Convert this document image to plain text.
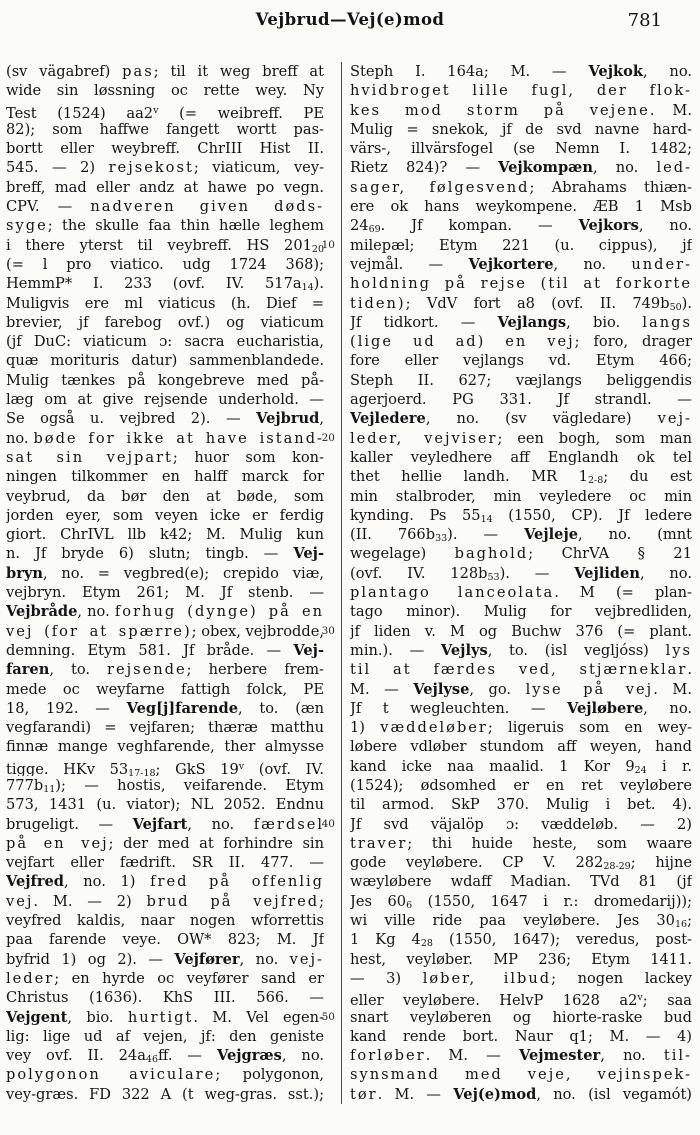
Vejbrud—Vej(e)mod	781
(sv vägabref) pas; til it weg breff at
wide sin løssning oc rette wey. Ny
Test (1524) aa2$^v$ (= weibreff. PE
82); som haffwe fangett wortt pas-
bortt eller weybreff. ChrIII Hist II.
545. — 2) rejsekost; viaticum, vey-
breff, mad eller andz at hawe po vegn.
CPV. — nadveren given døds-
syge; the skulle faa thin hælle leghem
i there yterst til veybreff. HS $201_{20}$
(= l pro viatico. udg 1724 368);
HemmP* I. 233 (ovf. IV. $517a_{14}$).
Muligvis ere ml viaticus (h. Dief =
brevier, jf farebog ovf.) og viaticum
(jf DuC: viaticum ɔ: sacra eucharistia,
quæ morituris datur) sammenblandede.
Mulig tænkes på kongebreve med på-
læg om at give rejsende underhold. —
Se også u. vejbred 2). — Vejbrud,
no. bøde for ikke at have istand-
sat sin vejpart; huor som kon-
ningen tilkommer en halff marck for
veybrud, da bør den at bøde, som
jorden eyer, som veyen icke er ferdig
giort. ChrIVL llb k42; M. Mulig kun
n. Jf bryde 6) slutn; tingb. — Vej-
bryn, no. = vegbred(e); crepido viæ,
vejbryn. Etym 261; M. Jf stenb. —
Vejbråde, no. forhug (dynge) på en
vej (for at spærre); obex, vejbrodde,
demning. Etym 581. Jf bråde. — Vej-
faren, to. rejsende; herbere frem-
mede oc weyfarne fattigh folck, PE
18, 192. — Veg[j]farende, to. (æn
vegfarandi) = vejfaren; thæræ matthu
finnæ mange veghfarende, ther almysse
tigge. HKv $53_{17-18}$; GkS 19$^v$ (ovf. IV.
$777b_{11}$); — hostis, veifarende. Etym
573, 1431 (u. viator); NL 2052. Endnu
brugeligt. — Vejfart, no. færdsel
på en vej; der med at forhindre sin
vejfart eller fædrift. SR II. 477. —
Vejfred, no. 1) fred på offenlig
vej. M. — 2) brud på vejfred;
veyfred kaldis, naar nogen wforrettis
paa farende veye. OW* 823; M. Jf
byfrid 1) og 2). — Vejfører, no. vej-
leder; en hyrde oc veyfører sand er
Christus (1636). KhS III. 566. —
Vejgent, bio. hurtigt. M. Vel egen-
lig: lige ud af vejen, jf: den geniste
vey ovf. II. $24a_{46}ff$. — Vejgræs, no.
polygonon aviculare; polygonon,
vey-græs. FD 322 A (t weg-gras. sst.);
10
20
30
40
50
Steph I. 164a; M. — Vejkok, no.
hvidbroget lille fugl, der flok-
kes mod storm på vejene. M.
Mulig = snekok, jf de svd navne hard-
värs-, illvärsfogel (se Nemn I. 1482;
Rietz 824)? — Vejkompæn, no. led-
sager, følgesvend; Abrahams thiæn-
ere ok hans weykompene. ÆB 1 Msb
$24_{69}$. Jf kompan. — Vejkors, no.
milepæl; Etym 221 (u. cippus), jf
vejmål. — Vejkortere, no. under-
holdning på rejse (til at forkorte
tiden); VdV fort a8 (ovf. II. $749b_{50}$).
Jf tidkort. — Vejlangs, bio. langs
(lige ud ad) en vej; foro, drager
fore eller vejlangs vd. Etym 466;
Steph II. 627; væjlangs beliggendis
agerjoerd. PG 331. Jf strandl. —
Vejledere, no. (sv vägledare) vej-
leder, vejviser; een bogh, som man
kaller veyledhere aff Englandh ok tel
thet hellie landh. MR $1_{2-8}$; du est
min stalbroder, min veyledere oc min
kynding. Ps $55_{14}$ (1550, CP). Jf ledere
(II. $766b_{33}$). — Vejleje, no. (mnt
wegelage) baghold; ChrVA § 21
(ovf. IV. $128b_{53}$). — Vejliden, no.
plantago lanceolata. M (= plan-
tago minor). Mulig for vejbredliden,
jf liden v. M og Buchw 376 (= plant.
min.). — Vejlys, to. (isl vegljóss) lys
til at færdes ved, stjærneklar.
M. — Vejlyse, go. lyse på vej. M.
Jf t wegleuchten. — Vejløbere, no.
1) væddeløber; ligeruis som en wey-
løbere vdløber stundom aff weyen, hand
kand icke naa maalid. 1 Kor $9_{24}$ i r.
(1524); ødsomhed er en ret veyløbere
til armod. SkP 370. Mulig i bet. 4).
Jf svd väjalöp ɔ: væddeløb. — 2)
traver; thi huide heste, som waare
gode veyløbere. CP V. $282_{28-29}$; hijne
wæyløbere wdaff Madian. TVd 81 (jf
Jes $60_6$ (1550, 1647 i r.: dromedarij));
wi ville ride paa veyløbere. Jes $30_{16}$;
1 Kg $4_{28}$ (1550, 1647); veredus, post-
hest, veyløber. MP 236; Etym 1411.
— 3) løber, ilbud; nogen lackey
eller veyløbere. HelvP 1628 a2$^v$; saa
snart veyløberen og hiorte-raske bud
kand rende bort. Naur q1; M. — 4)
forløber. M. — Vejmester, no. til-
synsmand med veje, vejinspek-
tør. M. — Vej(e)mod, no. (isl vegamót)
